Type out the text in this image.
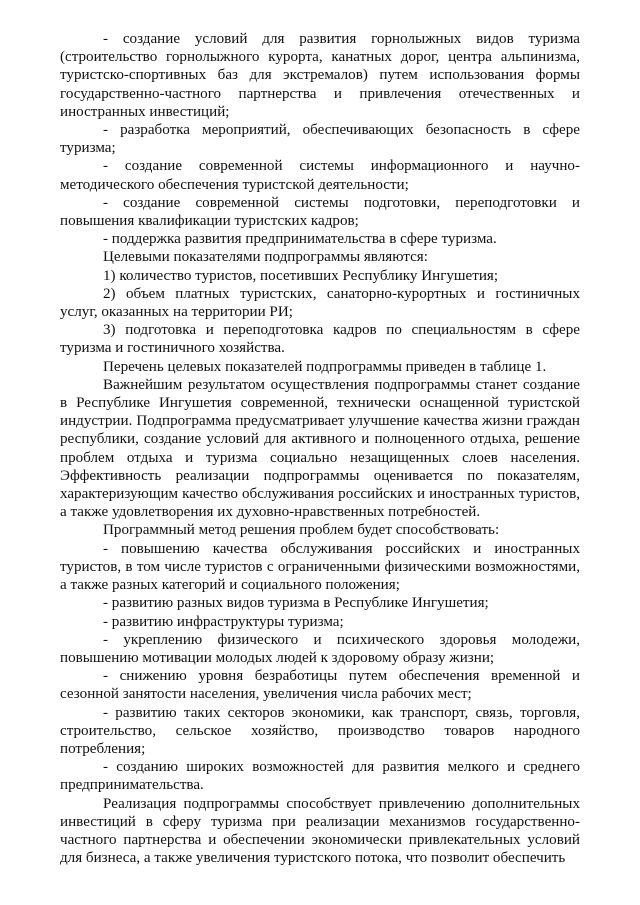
- создание условий для развития горнолыжных видов туризма (строительство горнолыжного курорта, канатных дорог, центра альпинизма, туристско-спортивных баз для экстремалов) путем использования формы государственно-частного партнерства и привлечения отечественных и иностранных инвестиций;

- разработка мероприятий, обеспечивающих безопасность в сфере туризма;

- создание современной системы информационного и научно-методического обеспечения туристской деятельности;

- создание современной системы подготовки, переподготовки и повышения квалификации туристских кадров;

- поддержка развития предпринимательства в сфере туризма.

Целевыми показателями подпрограммы являются:

1) количество туристов, посетивших Республику Ингушетия;

2) объем платных туристских, санаторно-курортных и гостиничных услуг, оказанных на территории РИ;

3) подготовка и переподготовка кадров по специальностям в сфере туризма и гостиничного хозяйства.

Перечень целевых показателей подпрограммы приведен в таблице 1.

Важнейшим результатом осуществления подпрограммы станет создание в Республике Ингушетия современной, технически оснащенной туристской индустрии. Подпрограмма предусматривает улучшение качества жизни граждан республики, создание условий для активного и полноценного отдыха, решение проблем отдыха и туризма социально незащищенных слоев населения. Эффективность реализации подпрограммы оценивается по показателям, характеризующим качество обслуживания российских и иностранных туристов, а также удовлетворения их духовно-нравственных потребностей.

Программный метод решения проблем будет способствовать:

- повышению качества обслуживания российских и иностранных туристов, в том числе туристов с ограниченными физическими возможностями, а также разных категорий и социального положения;

- развитию разных видов туризма в Республике Ингушетия;

- развитию инфраструктуры туризма;

- укреплению физического и психического здоровья молодежи, повышению мотивации молодых людей к здоровому образу жизни;

- снижению уровня безработицы путем обеспечения временной и сезонной занятости населения, увеличения числа рабочих мест;

- развитию таких секторов экономики, как транспорт, связь, торговля, строительство, сельское хозяйство, производство товаров народного потребления;

- созданию широких возможностей для развития мелкого и среднего предпринимательства.

Реализация подпрограммы способствует привлечению дополнительных инвестиций в сферу туризма при реализации механизмов государственно-частного партнерства и обеспечении экономически привлекательных условий для бизнеса, а также увеличения туристского потока, что позволит обеспечить
